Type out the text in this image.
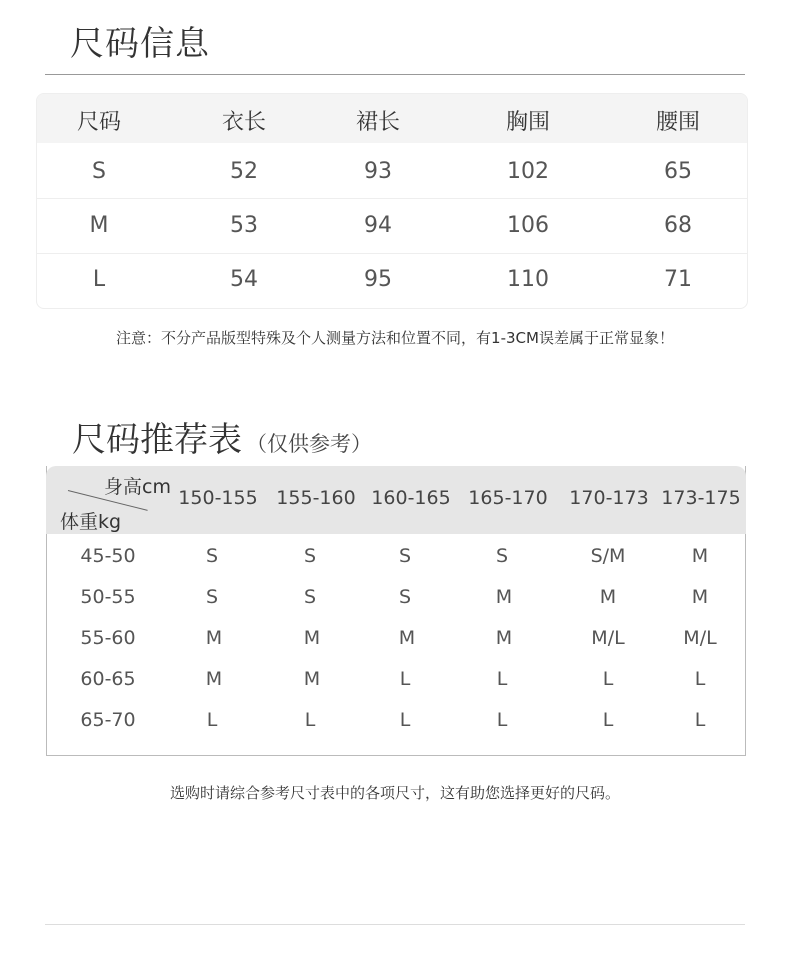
尺码信息
尺码	衣长	裙长	胸围	腰围
S	52	93	102	65
M	53	94	106	68
L	54	95	110	71
注意：不分产品版型特殊及个人测量方法和位置不同，有1-3CM误差属于正常显象！
尺码推荐表 （仅供参考）
身高cm
体重kg
150-155 155-160 160-165 165-170 170-173 173-175
45-50	S	S	S	S	S/M	M
50-55	S	S	S	M	M	M
55-60	M	M	M	M	M/L	M/L
60-65	M	M	L	L	L	L
65-70	L	L	L	L	L	L
选购时请综合参考尺寸表中的各项尺寸，这有助您选择更好的尺码。
